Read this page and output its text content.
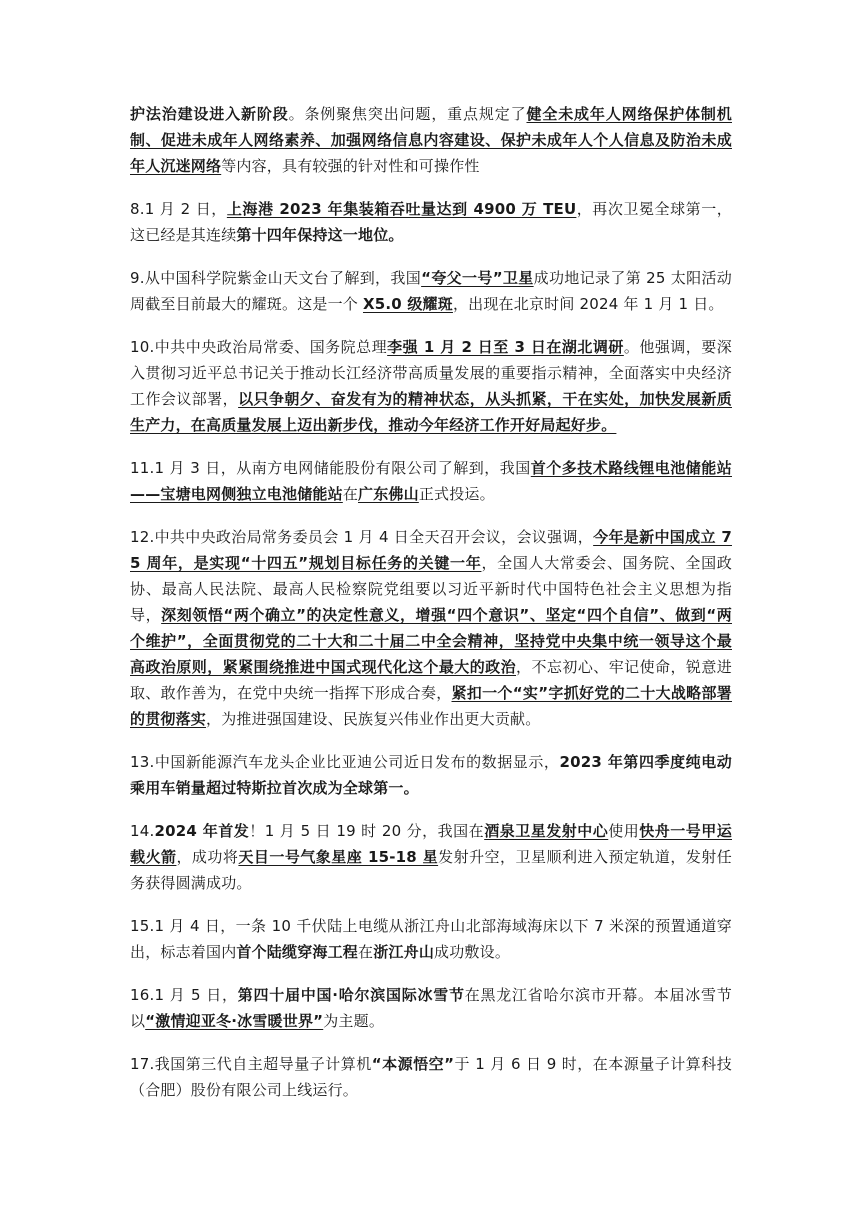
护法治建设进入新阶段。条例聚焦突出问题，重点规定了健全未成年人网络保护体制机制、促进未成年人网络素养、加强网络信息内容建设、保护未成年人个人信息及防治未成年人沉迷网络等内容，具有较强的针对性和可操作性

8.1 月 2 日，上海港 2023 年集装箱吞吐量达到 4900 万 TEU，再次卫冕全球第一，这已经是其连续第十四年保持这一地位。

9.从中国科学院紫金山天文台了解到，我国“夸父一号”卫星成功地记录了第 25 太阳活动周截至目前最大的耀斑。这是一个 X5.0 级耀斑，出现在北京时间 2024 年 1 月 1 日。

10.中共中央政治局常委、国务院总理李强 1 月 2 日至 3 日在湖北调研。他强调，要深入贯彻习近平总书记关于推动长江经济带高质量发展的重要指示精神，全面落实中央经济工作会议部署，以只争朝夕、奋发有为的精神状态，从头抓紧，干在实处，加快发展新质生产力，在高质量发展上迈出新步伐，推动今年经济工作开好局起好步。

11.1 月 3 日，从南方电网储能股份有限公司了解到，我国首个多技术路线锂电池储能站——宝塘电网侧独立电池储能站在广东佛山正式投运。

12.中共中央政治局常务委员会 1 月 4 日全天召开会议，会议强调，今年是新中国成立 75 周年，是实现“十四五”规划目标任务的关键一年，全国人大常委会、国务院、全国政协、最高人民法院、最高人民检察院党组要以习近平新时代中国特色社会主义思想为指导，深刻领悟“两个确立”的决定性意义，增强“四个意识”、坚定“四个自信”、做到“两个维护”，全面贯彻党的二十大和二十届二中全会精神，坚持党中央集中统一领导这个最高政治原则，紧紧围绕推进中国式现代化这个最大的政治，不忘初心、牢记使命，锐意进取、敢作善为，在党中央统一指挥下形成合奏，紧扣一个“实”字抓好党的二十大战略部署的贯彻落实，为推进强国建设、民族复兴伟业作出更大贡献。

13.中国新能源汽车龙头企业比亚迪公司近日发布的数据显示，2023 年第四季度纯电动乘用车销量超过特斯拉首次成为全球第一。

14.2024 年首发！1 月 5 日 19 时 20 分，我国在酒泉卫星发射中心使用快舟一号甲运载火箭，成功将天目一号气象星座 15-18 星发射升空，卫星顺利进入预定轨道，发射任务获得圆满成功。

15.1 月 4 日，一条 10 千伏陆上电缆从浙江舟山北部海域海床以下 7 米深的预置通道穿出，标志着国内首个陆缆穿海工程在浙江舟山成功敷设。

16.1 月 5 日，第四十届中国·哈尔滨国际冰雪节在黑龙江省哈尔滨市开幕。本届冰雪节以“激情迎亚冬·冰雪暖世界”为主题。

17.我国第三代自主超导量子计算机“本源悟空”于 1 月 6 日 9 时，在本源量子计算科技（合肥）股份有限公司上线运行。
